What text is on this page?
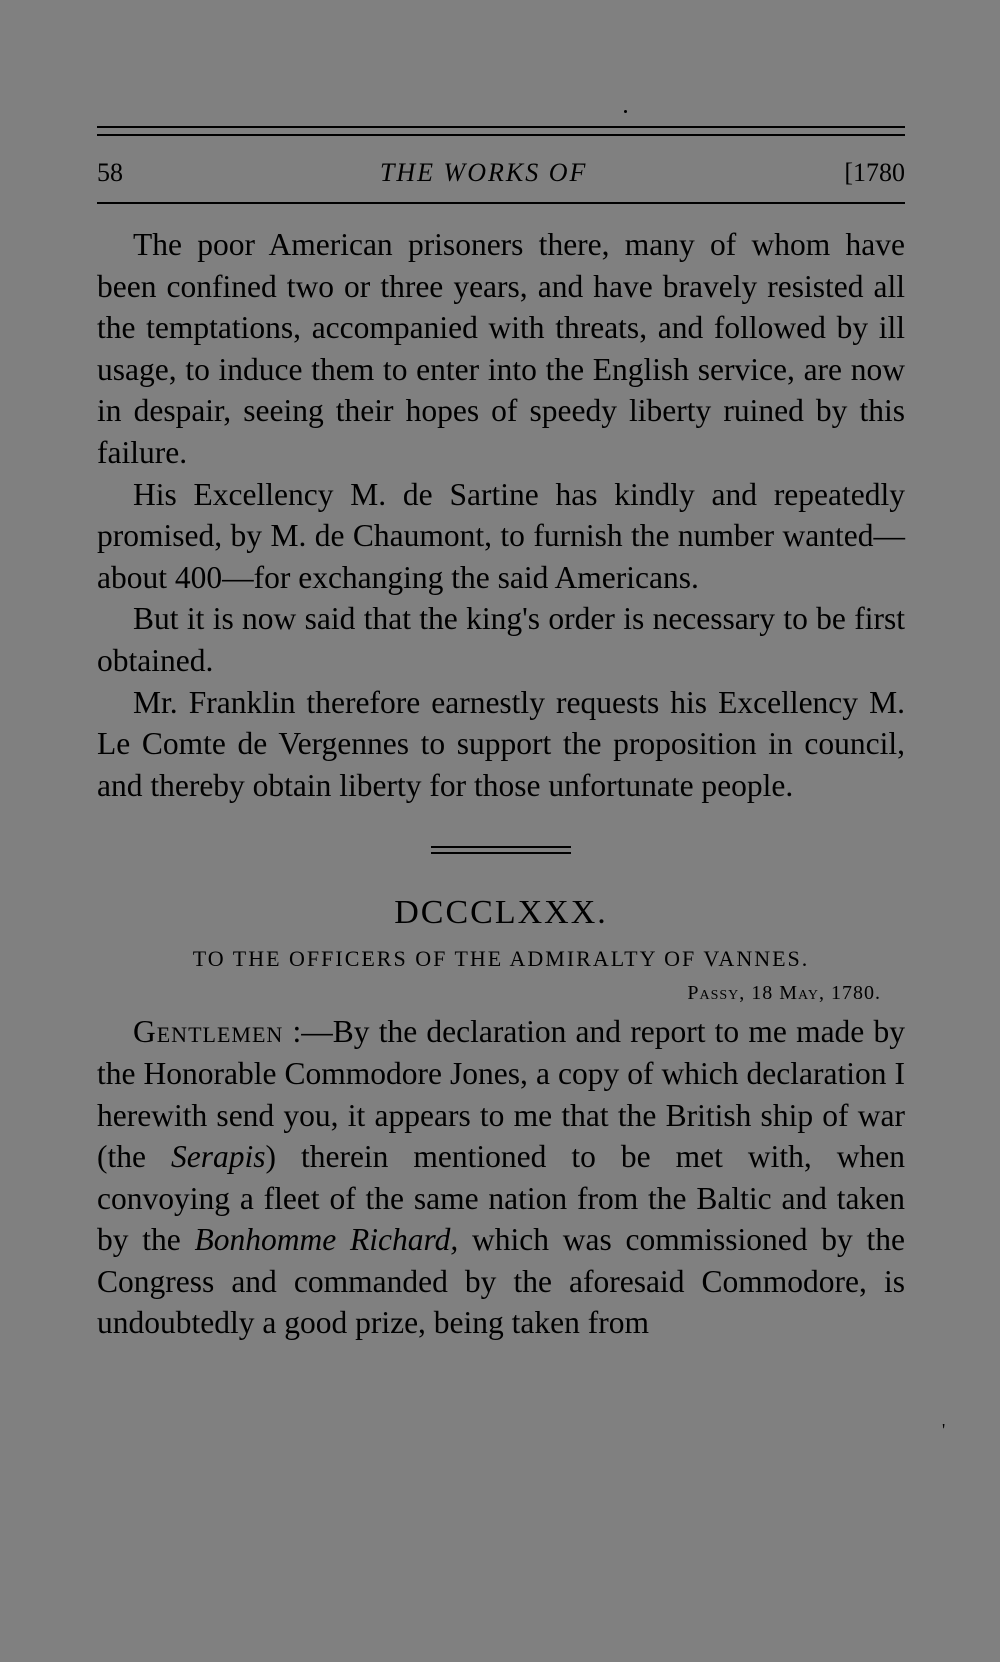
58	THE WORKS OF	[1780

The poor American prisoners there, many of whom have been confined two or three years, and have bravely resisted all the temptations, accompanied with threats, and followed by ill usage, to induce them to enter into the English service, are now in despair, seeing their hopes of speedy liberty ruined by this failure.

His Excellency M. de Sartine has kindly and repeatedly promised, by M. de Chaumont, to furnish the number wanted—about 400—for exchanging the said Americans.

But it is now said that the king's order is necessary to be first obtained.

Mr. Franklin therefore earnestly requests his Excellency M. Le Comte de Vergennes to support the proposition in council, and thereby obtain liberty for those unfortunate people.

DCCCLXXX.
TO THE OFFICERS OF THE ADMIRALTY OF VANNES.
Passy, 18 May, 1780.

Gentlemen :—By the declaration and report to me made by the Honorable Commodore Jones, a copy of which declaration I herewith send you, it appears to me that the British ship of war (the Serapis) therein mentioned to be met with, when convoying a fleet of the same nation from the Baltic and taken by the Bonhomme Richard, which was commissioned by the Congress and commanded by the aforesaid Commodore, is undoubtedly a good prize, being taken from

'
